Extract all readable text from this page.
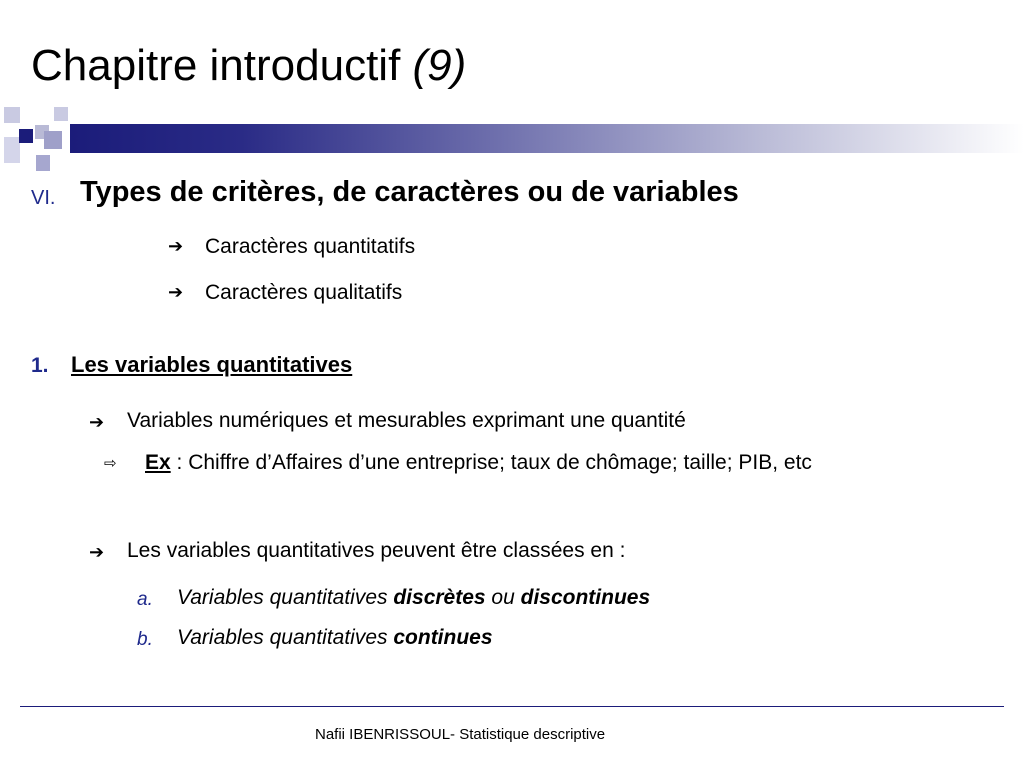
Chapitre introductif (9)
VI. Types de critères, de caractères ou de variables
➔ Caractères quantitatifs
➔ Caractères qualitatifs
1. Les variables quantitatives
➔ Variables numériques et mesurables exprimant une quantité
⇨ Ex : Chiffre d’Affaires d’une entreprise; taux de chômage; taille; PIB, etc
➔ Les variables quantitatives peuvent être classées en :
a. Variables quantitatives discrètes ou discontinues
b. Variables quantitatives continues
Nafii IBENRISSOUL- Statistique descriptive
